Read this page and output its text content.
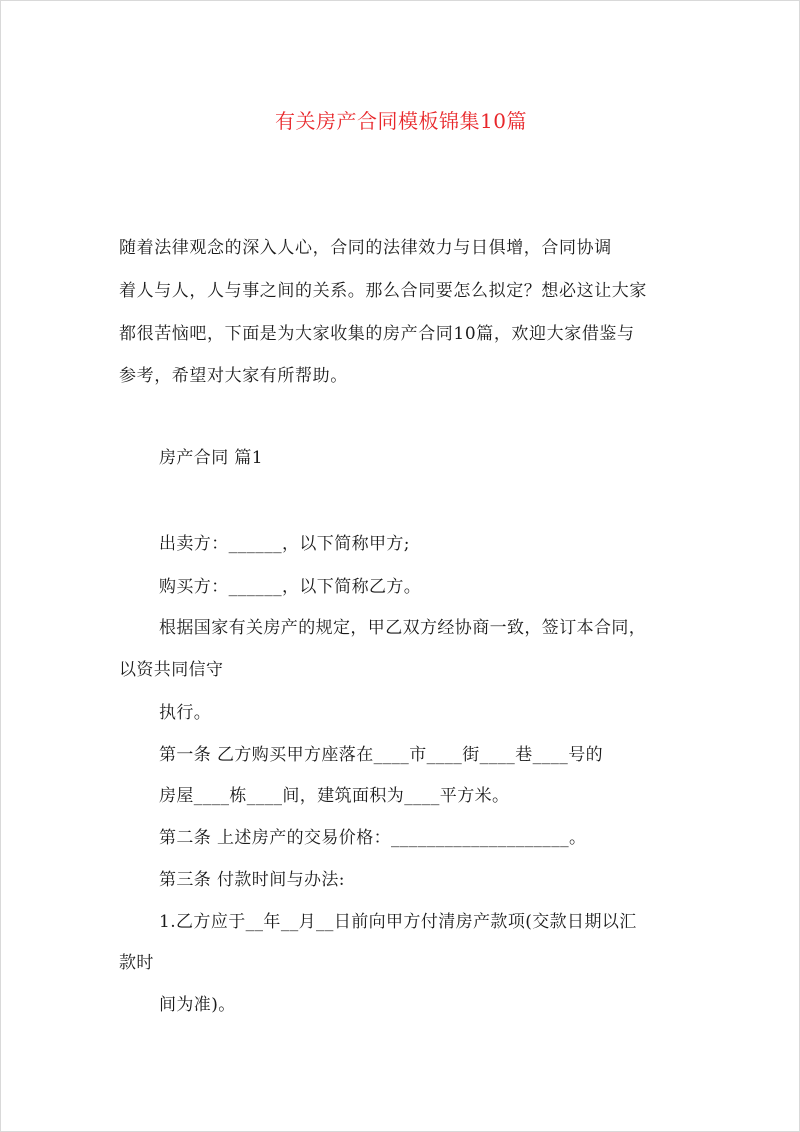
有关房产合同模板锦集10篇
随着法律观念的深入人心，合同的法律效力与日俱增，合同协调
着人与人，人与事之间的关系。那么合同要怎么拟定？想必这让大家
都很苦恼吧，下面是为大家收集的房产合同10篇，欢迎大家借鉴与
参考，希望对大家有所帮助。
房产合同 篇1
出卖方：______，以下简称甲方;
购买方：______，以下简称乙方。
根据国家有关房产的规定，甲乙双方经协商一致，签订本合同，
以资共同信守
执行。
第一条 乙方购买甲方座落在____市____街____巷____号的
房屋____栋____间，建筑面积为____平方米。
第二条 上述房产的交易价格：____________________。
第三条 付款时间与办法:
1.乙方应于__年__月__日前向甲方付清房产款项(交款日期以汇
款时
间为准)。
